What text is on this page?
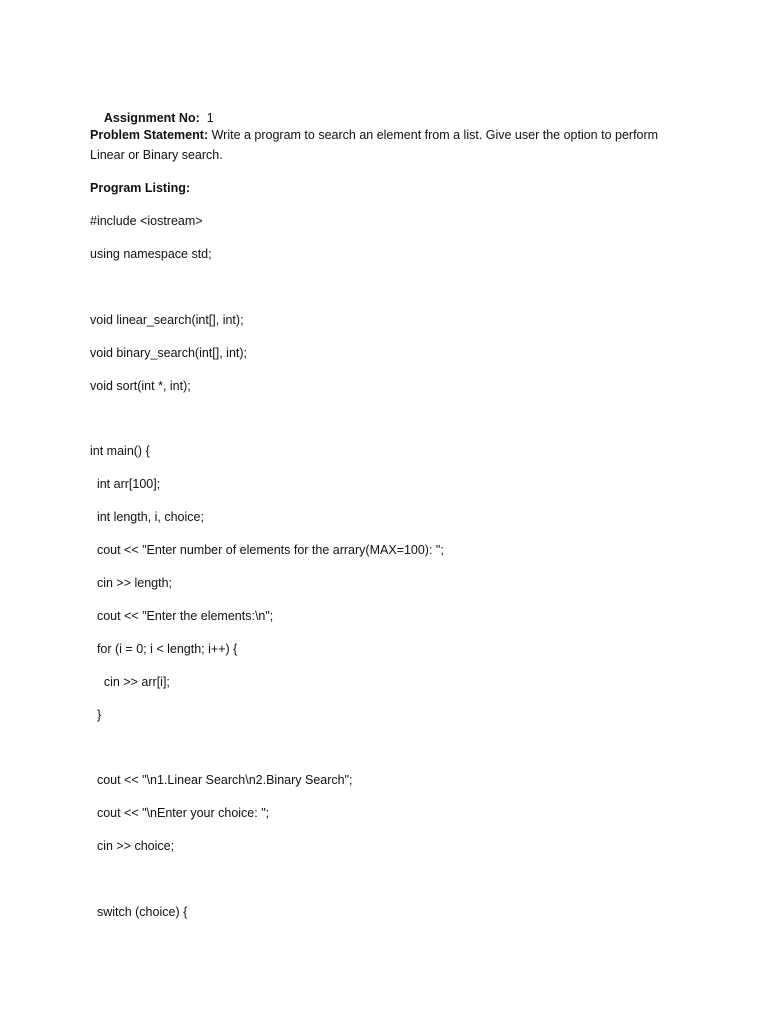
Assignment No: 1

Problem Statement: Write a program to search an element from a list. Give user the option to perform Linear or Binary search.
Program Listing:
#include <iostream>
using namespace std;
void linear_search(int[], int);
void binary_search(int[], int);
void sort(int *, int);
int main() {
int arr[100];
int length, i, choice;
cout << "Enter number of elements for the arrary(MAX=100): ";
cin >> length;
cout << "Enter the elements:\n";
for (i = 0; i < length; i++) {
cin >> arr[i];
}
cout << "\n1.Linear Search\n2.Binary Search";
cout << "\nEnter your choice: ";
cin >> choice;
switch (choice) {
